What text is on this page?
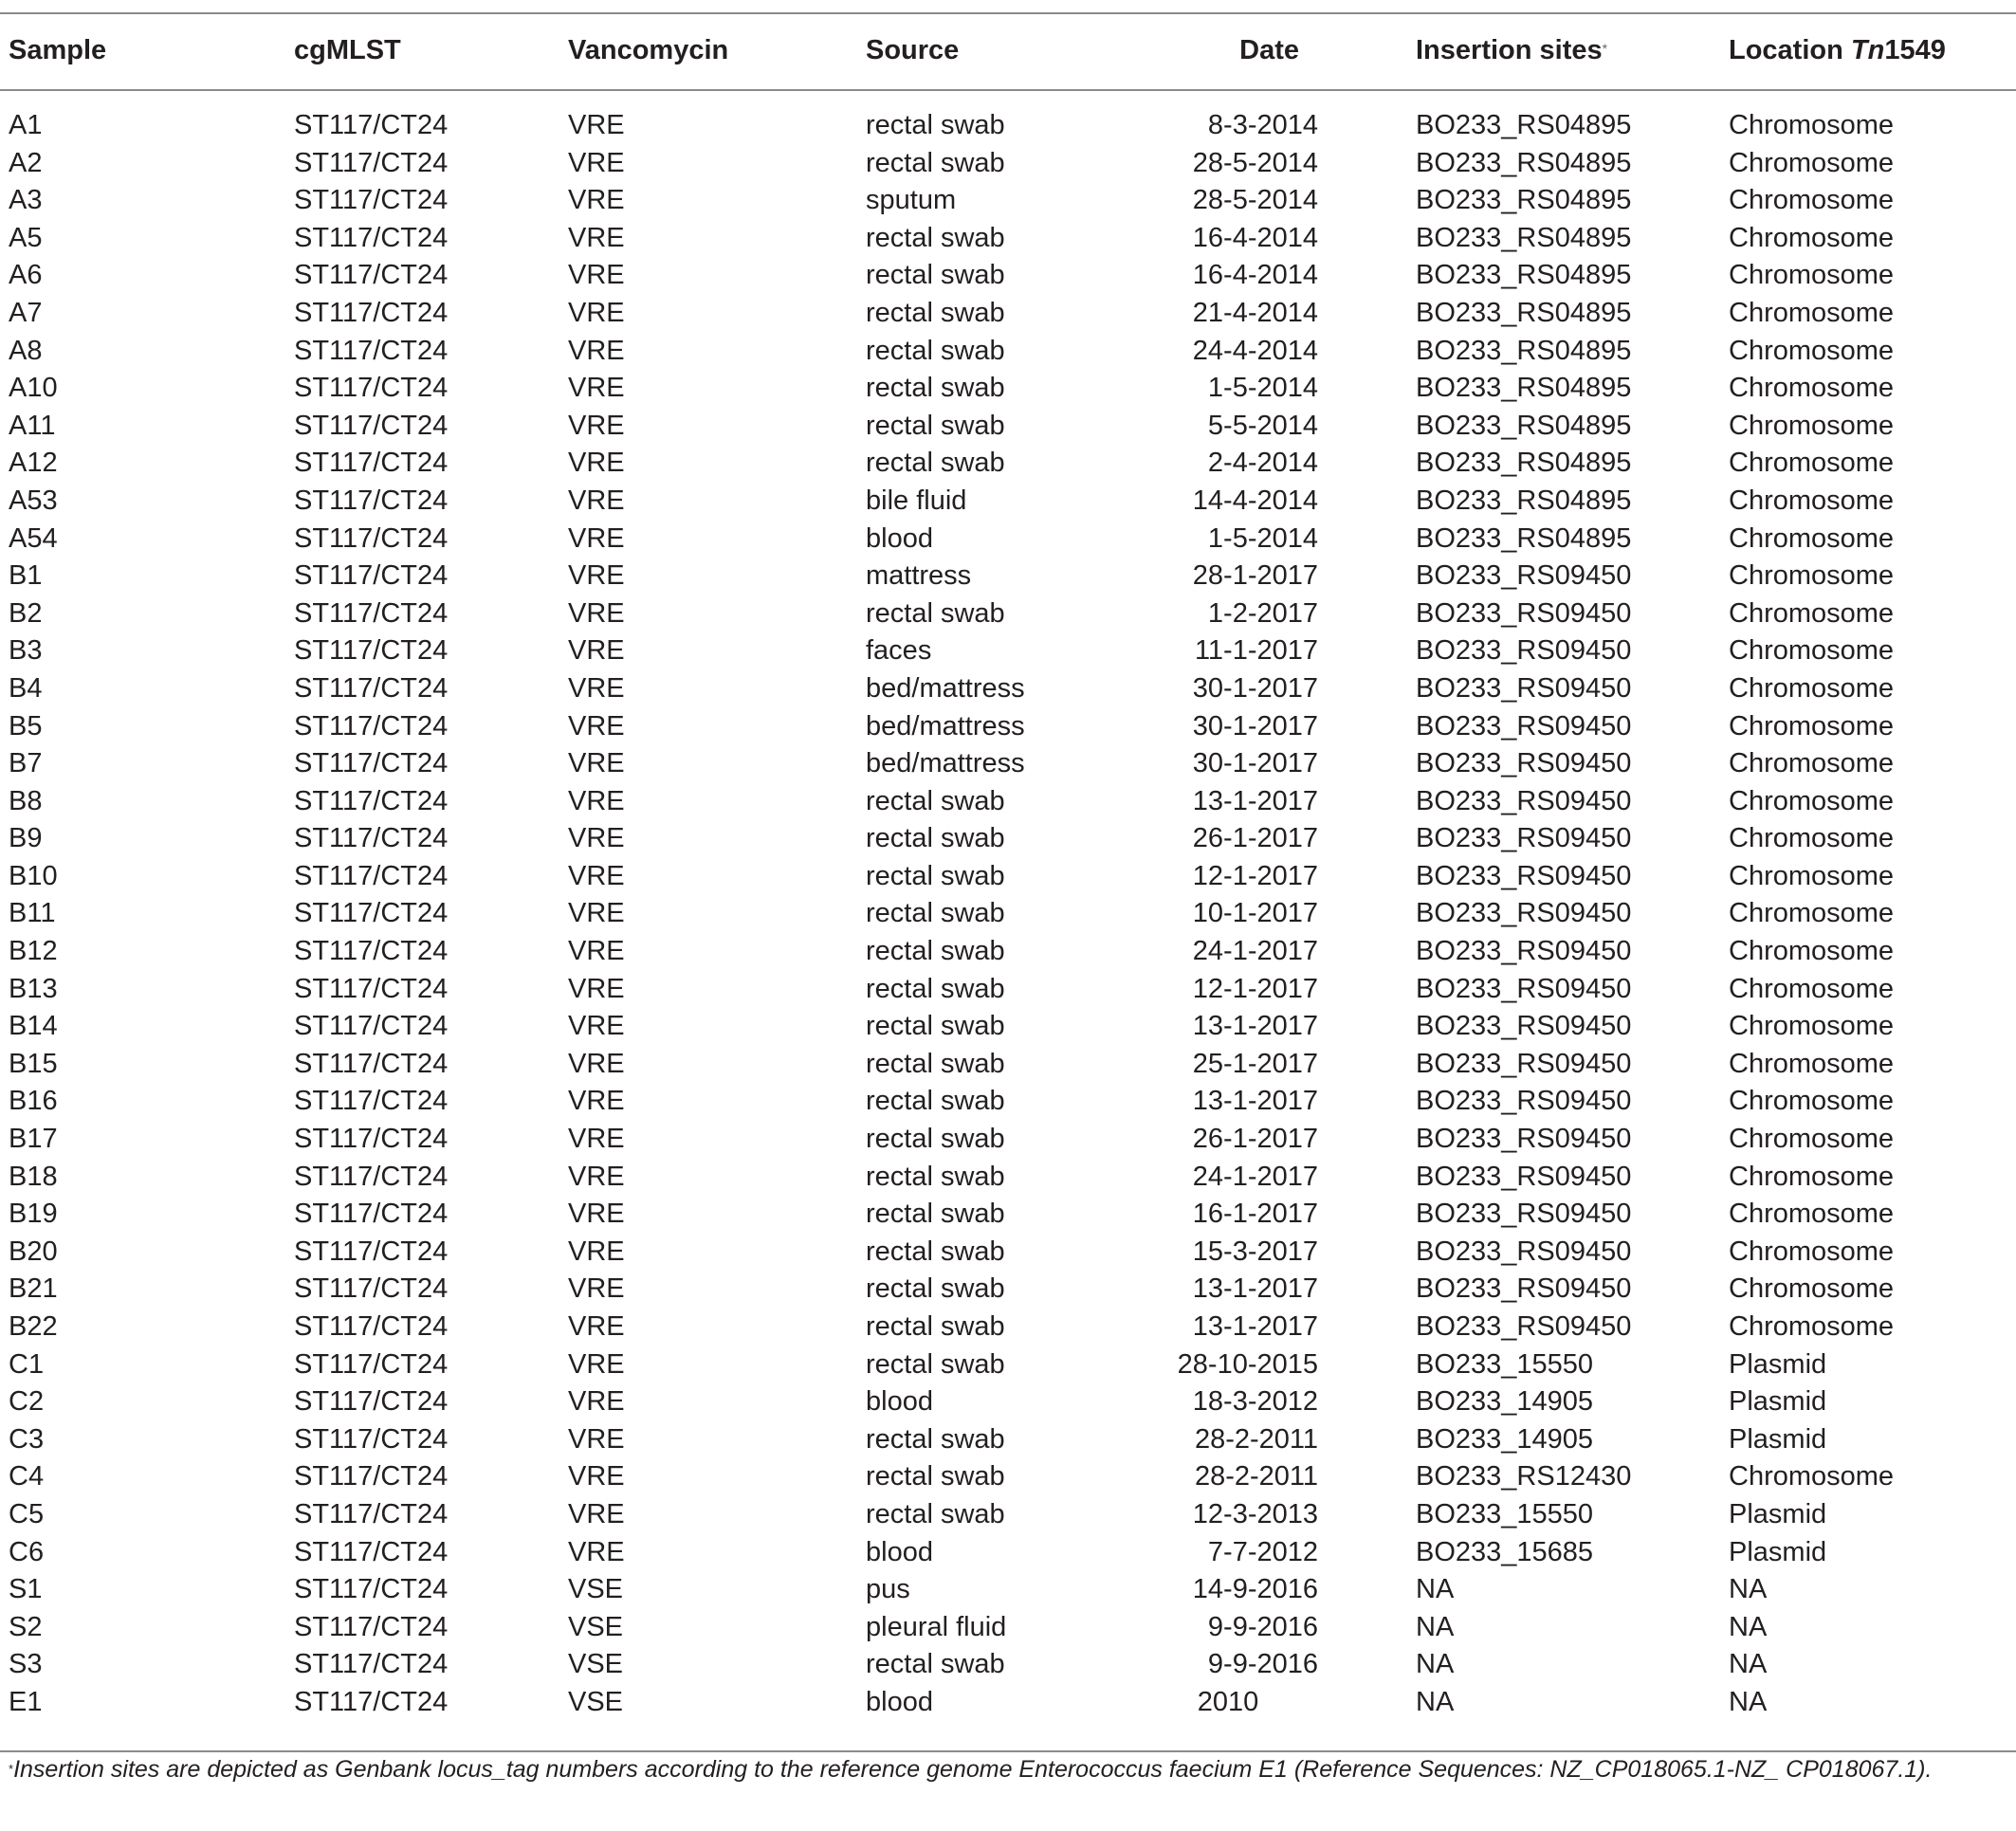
Sample	cgMLST	Vancomycin	Source	Date	Insertion sites*	Location Tn1549
A1	ST117/CT24	VRE	rectal swab	8-3-2014	BO233_RS04895	Chromosome
A2	ST117/CT24	VRE	rectal swab	28-5-2014	BO233_RS04895	Chromosome
A3	ST117/CT24	VRE	sputum	28-5-2014	BO233_RS04895	Chromosome
A5	ST117/CT24	VRE	rectal swab	16-4-2014	BO233_RS04895	Chromosome
A6	ST117/CT24	VRE	rectal swab	16-4-2014	BO233_RS04895	Chromosome
A7	ST117/CT24	VRE	rectal swab	21-4-2014	BO233_RS04895	Chromosome
A8	ST117/CT24	VRE	rectal swab	24-4-2014	BO233_RS04895	Chromosome
A10	ST117/CT24	VRE	rectal swab	1-5-2014	BO233_RS04895	Chromosome
A11	ST117/CT24	VRE	rectal swab	5-5-2014	BO233_RS04895	Chromosome
A12	ST117/CT24	VRE	rectal swab	2-4-2014	BO233_RS04895	Chromosome
A53	ST117/CT24	VRE	bile fluid	14-4-2014	BO233_RS04895	Chromosome
A54	ST117/CT24	VRE	blood	1-5-2014	BO233_RS04895	Chromosome
B1	ST117/CT24	VRE	mattress	28-1-2017	BO233_RS09450	Chromosome
B2	ST117/CT24	VRE	rectal swab	1-2-2017	BO233_RS09450	Chromosome
B3	ST117/CT24	VRE	faces	11-1-2017	BO233_RS09450	Chromosome
B4	ST117/CT24	VRE	bed/mattress	30-1-2017	BO233_RS09450	Chromosome
B5	ST117/CT24	VRE	bed/mattress	30-1-2017	BO233_RS09450	Chromosome
B7	ST117/CT24	VRE	bed/mattress	30-1-2017	BO233_RS09450	Chromosome
B8	ST117/CT24	VRE	rectal swab	13-1-2017	BO233_RS09450	Chromosome
B9	ST117/CT24	VRE	rectal swab	26-1-2017	BO233_RS09450	Chromosome
B10	ST117/CT24	VRE	rectal swab	12-1-2017	BO233_RS09450	Chromosome
B11	ST117/CT24	VRE	rectal swab	10-1-2017	BO233_RS09450	Chromosome
B12	ST117/CT24	VRE	rectal swab	24-1-2017	BO233_RS09450	Chromosome
B13	ST117/CT24	VRE	rectal swab	12-1-2017	BO233_RS09450	Chromosome
B14	ST117/CT24	VRE	rectal swab	13-1-2017	BO233_RS09450	Chromosome
B15	ST117/CT24	VRE	rectal swab	25-1-2017	BO233_RS09450	Chromosome
B16	ST117/CT24	VRE	rectal swab	13-1-2017	BO233_RS09450	Chromosome
B17	ST117/CT24	VRE	rectal swab	26-1-2017	BO233_RS09450	Chromosome
B18	ST117/CT24	VRE	rectal swab	24-1-2017	BO233_RS09450	Chromosome
B19	ST117/CT24	VRE	rectal swab	16-1-2017	BO233_RS09450	Chromosome
B20	ST117/CT24	VRE	rectal swab	15-3-2017	BO233_RS09450	Chromosome
B21	ST117/CT24	VRE	rectal swab	13-1-2017	BO233_RS09450	Chromosome
B22	ST117/CT24	VRE	rectal swab	13-1-2017	BO233_RS09450	Chromosome
C1	ST117/CT24	VRE	rectal swab	28-10-2015	BO233_15550	Plasmid
C2	ST117/CT24	VRE	blood	18-3-2012	BO233_14905	Plasmid
C3	ST117/CT24	VRE	rectal swab	28-2-2011	BO233_14905	Plasmid
C4	ST117/CT24	VRE	rectal swab	28-2-2011	BO233_RS12430	Chromosome
C5	ST117/CT24	VRE	rectal swab	12-3-2013	BO233_15550	Plasmid
C6	ST117/CT24	VRE	blood	7-7-2012	BO233_15685	Plasmid
S1	ST117/CT24	VSE	pus	14-9-2016	NA	NA
S2	ST117/CT24	VSE	pleural fluid	9-9-2016	NA	NA
S3	ST117/CT24	VSE	rectal swab	9-9-2016	NA	NA
E1	ST117/CT24	VSE	blood	2010	NA	NA
*Insertion sites are depicted as Genbank locus_tag numbers according to the reference genome Enterococcus faecium E1 (Reference Sequences: NZ_CP018065.1-NZ_ CP018067.1).
